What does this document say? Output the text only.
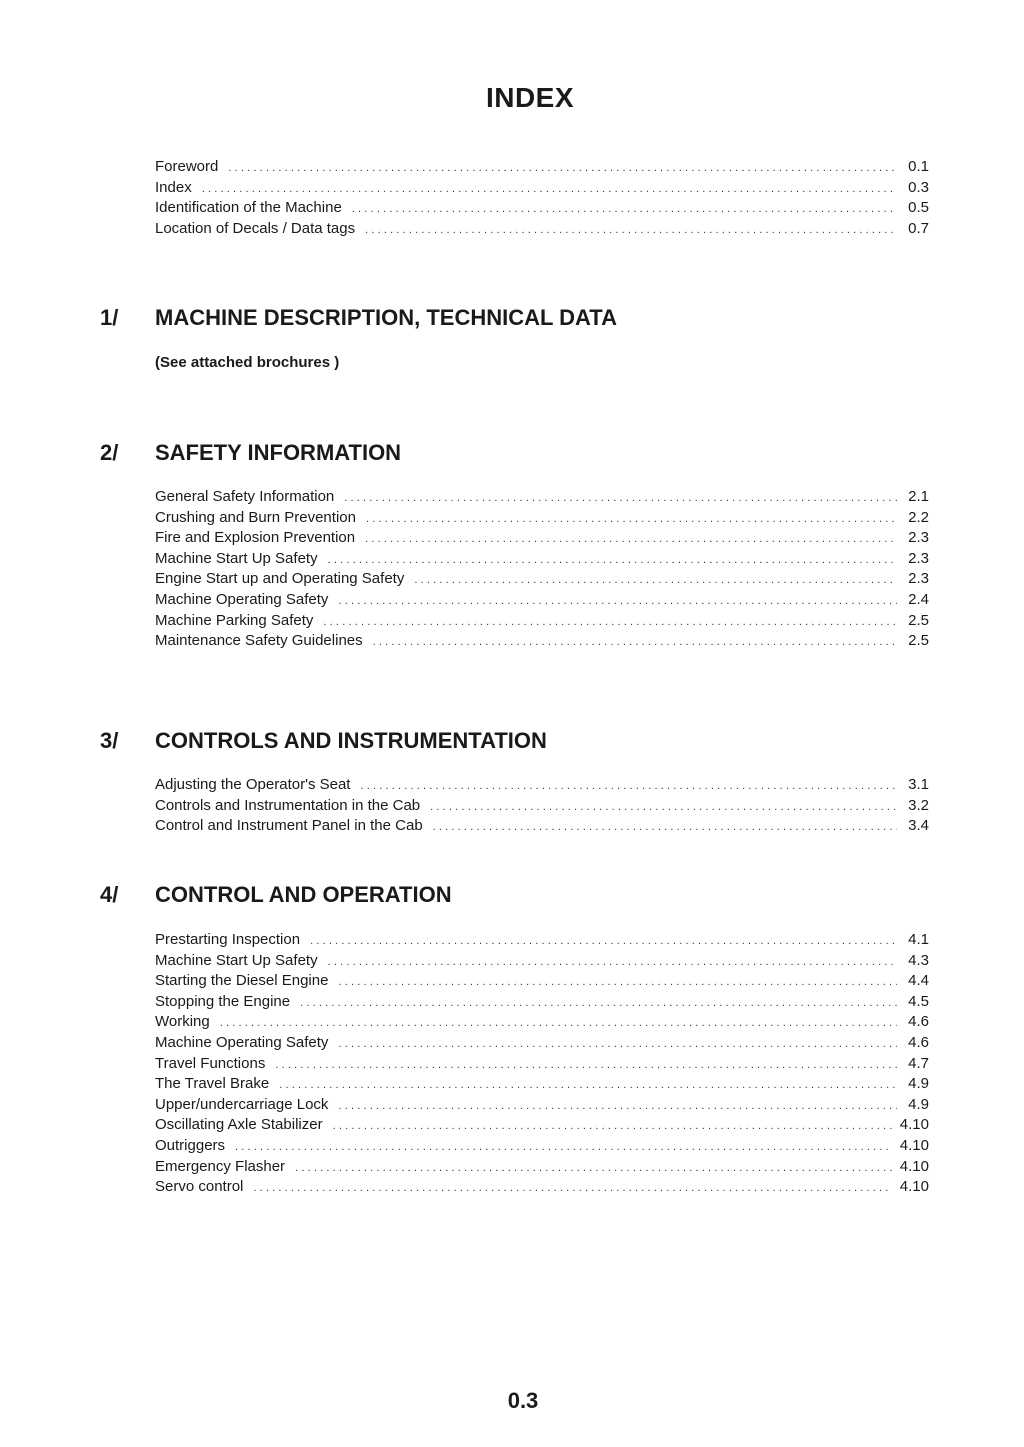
INDEX
Foreword .....	0.1
Index .....	0.3
Identification of the Machine .....	0.5
Location of Decals / Data tags .....	0.7
1/ MACHINE DESCRIPTION, TECHNICAL DATA
(See attached brochures )
2/ SAFETY INFORMATION
General Safety Information .....	2.1
Crushing and Burn Prevention .....	2.2
Fire and Explosion Prevention .....	2.3
Machine Start Up Safety .....	2.3
Engine Start up and Operating Safety .....	2.3
Machine Operating Safety .....	2.4
Machine Parking Safety .....	2.5
Maintenance Safety Guidelines .....	2.5
3/ CONTROLS AND INSTRUMENTATION
Adjusting the Operator's Seat .....	3.1
Controls and Instrumentation in the Cab .....	3.2
Control and Instrument Panel in the Cab .....	3.4
4/ CONTROL AND OPERATION
Prestarting Inspection .....	4.1
Machine Start Up Safety .....	4.3
Starting the Diesel Engine .....	4.4
Stopping the Engine .....	4.5
Working .....	4.6
Machine Operating Safety .....	4.6
Travel Functions .....	4.7
The Travel Brake .....	4.9
Upper/undercarriage Lock .....	4.9
Oscillating Axle Stabilizer .....	4.10
Outriggers .....	4.10
Emergency Flasher .....	4.10
Servo control .....	4.10
0.3
